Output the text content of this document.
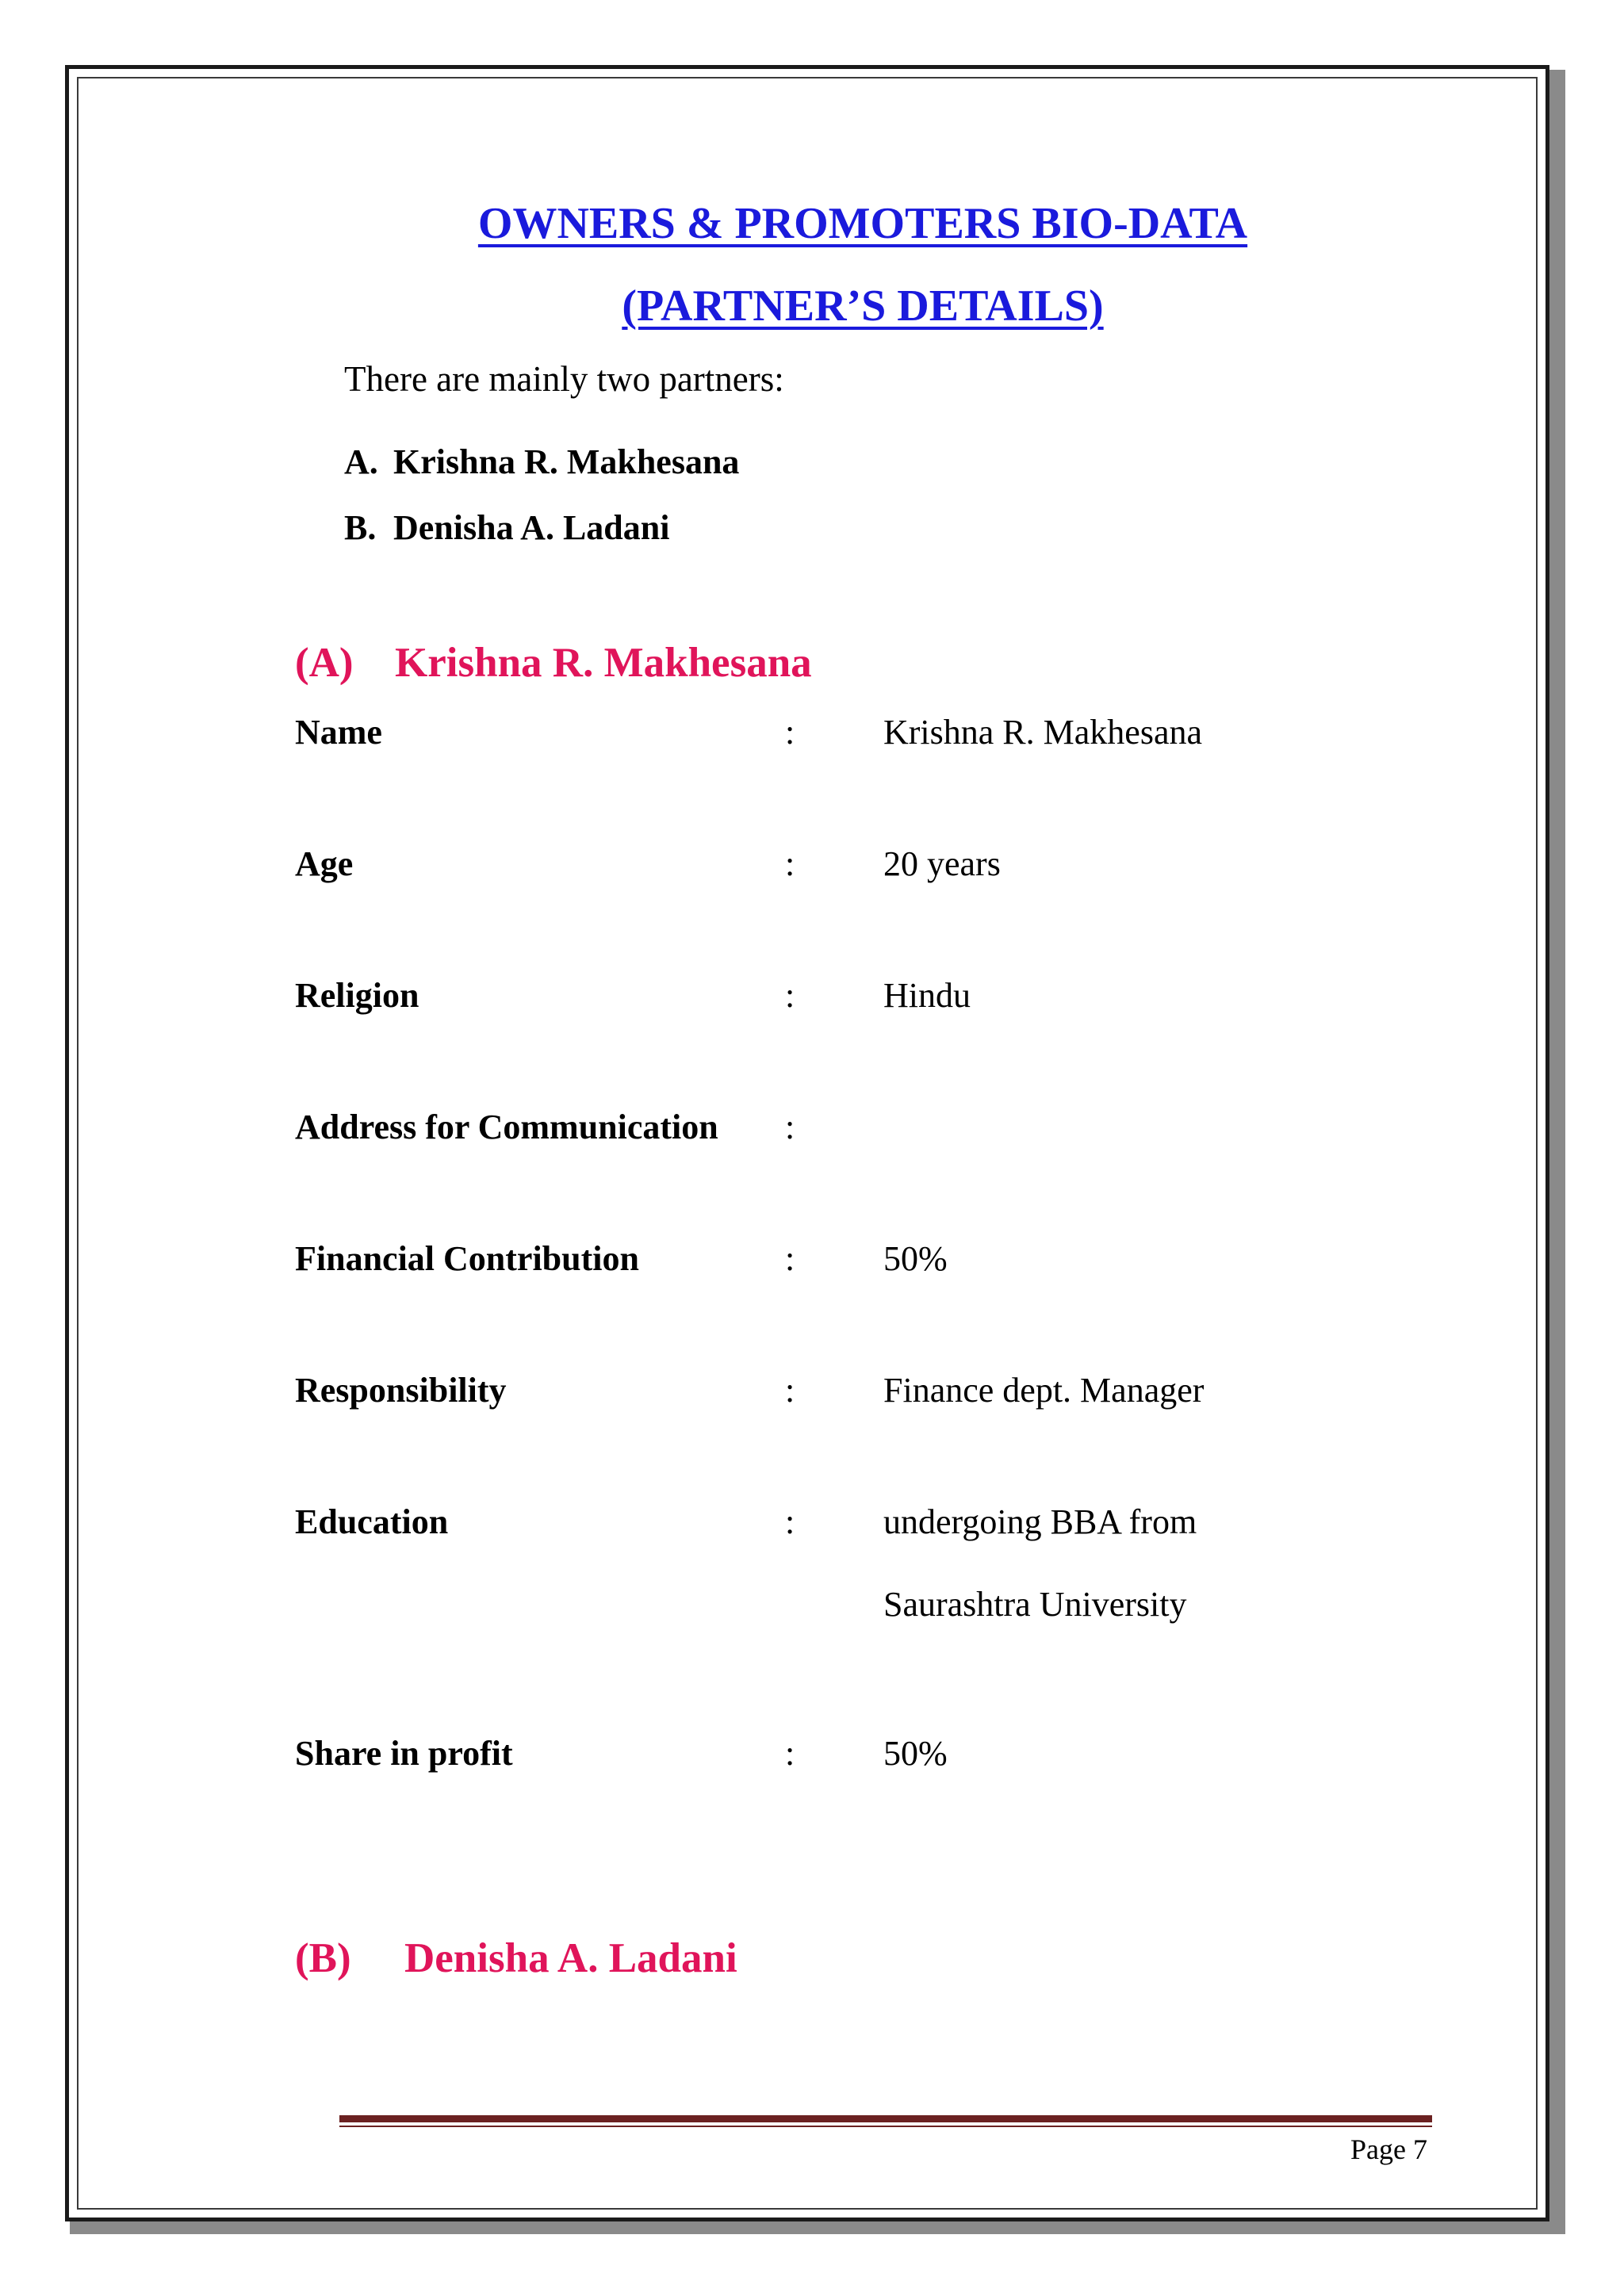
OWNERS & PROMOTERS BIO-DATA
(PARTNER’S DETAILS)
There are mainly two partners:
A. Krishna R. Makhesana
B. Denisha A. Ladani
(A) Krishna R. Makhesana
Name	:	Krishna R. Makhesana
Age	:	20 years
Religion	:	Hindu
Address for Communication :
Financial Contribution	:	50%
Responsibility	:	Finance dept. Manager
Education	:	undergoing BBA from
Saurashtra University
Share in profit	:	50%
(B) Denisha A. Ladani
Page 7
